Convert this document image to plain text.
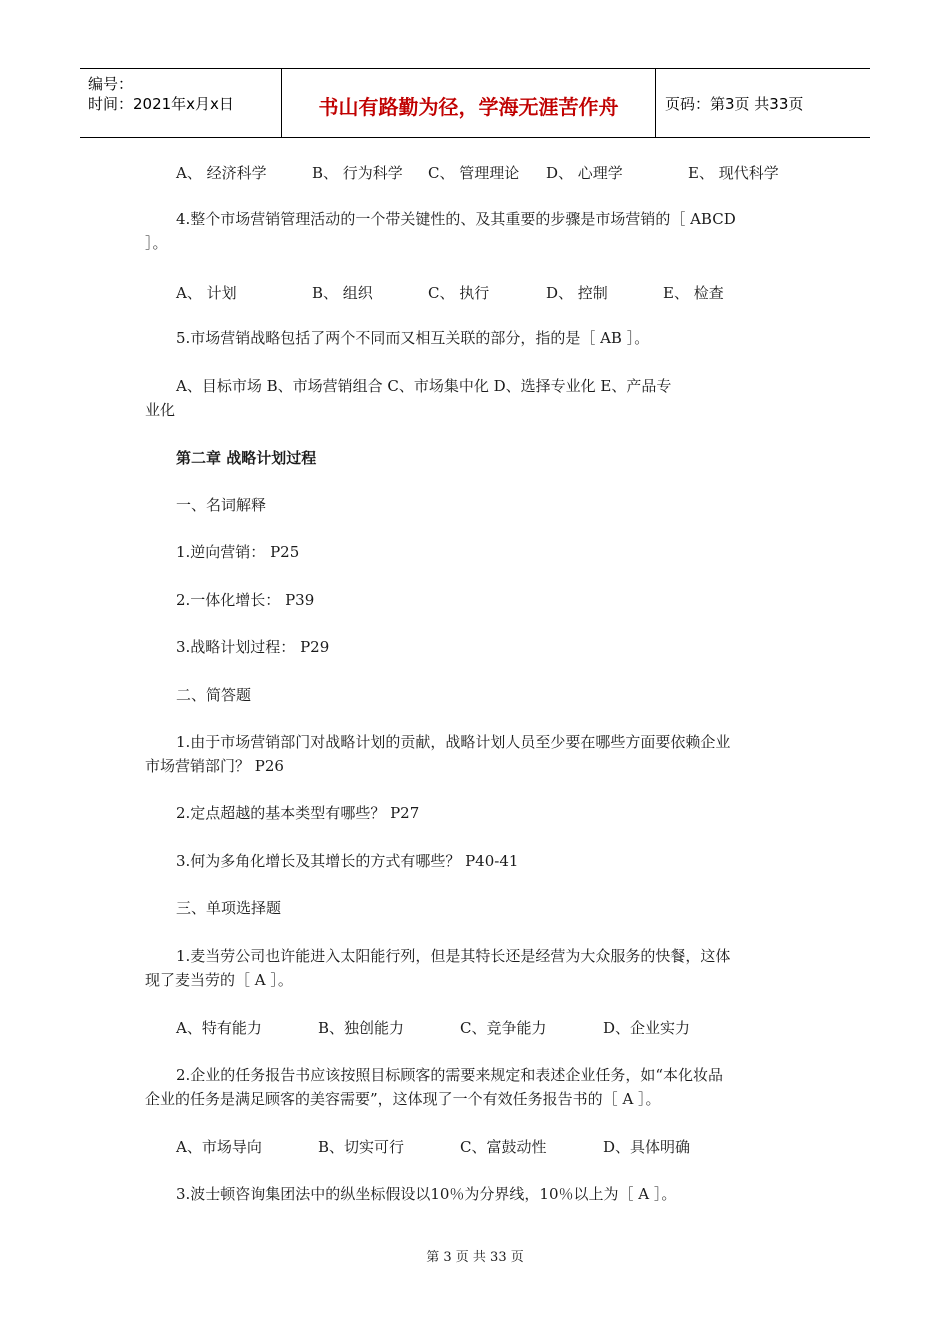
编号：
时间：2021年x月x日	书山有路勤为径，学海无涯苦作舟	页码：第3页 共33页
A、 经济科学	B、 行为科学 C、 管理理论 D、 心理学	E、 现代科学
4.整个市场营销管理活动的一个带关键性的、及其重要的步骤是市场营销的［ ABCD
］。
A、 计划	B、 组织	C、 执行	D、 控制	E、 检查
5.市场营销战略包括了两个不同而又相互关联的部分，指的是［ AB ］。
A、目标市场 B、市场营销组合 C、市场集中化 D、选择专业化 E、产品专
业化
第二章 战略计划过程
一、名词解释
1.逆向营销： P25
2.一体化增长： P39
3.战略计划过程： P29
二、简答题
1.由于市场营销部门对战略计划的贡献，战略计划人员至少要在哪些方面要依赖企业
市场营销部门？ P26
2.定点超越的基本类型有哪些？ P27
3.何为多角化增长及其增长的方式有哪些？ P40-41
三、单项选择题
1.麦当劳公司也许能进入太阳能行列，但是其特长还是经营为大众服务的快餐，这体
现了麦当劳的［ A ］。
A、特有能力	B、独创能力	C、竞争能力	D、企业实力
2.企业的任务报告书应该按照目标顾客的需要来规定和表述企业任务，如“本化妆品
企业的任务是满足顾客的美容需要”，这体现了一个有效任务报告书的［ A ］。
A、市场导向	B、切实可行	C、富鼓动性	D、具体明确
3.波士顿咨询集团法中的纵坐标假设以10％为分界线，10％以上为［ A ］。
第 3 页 共 33 页
